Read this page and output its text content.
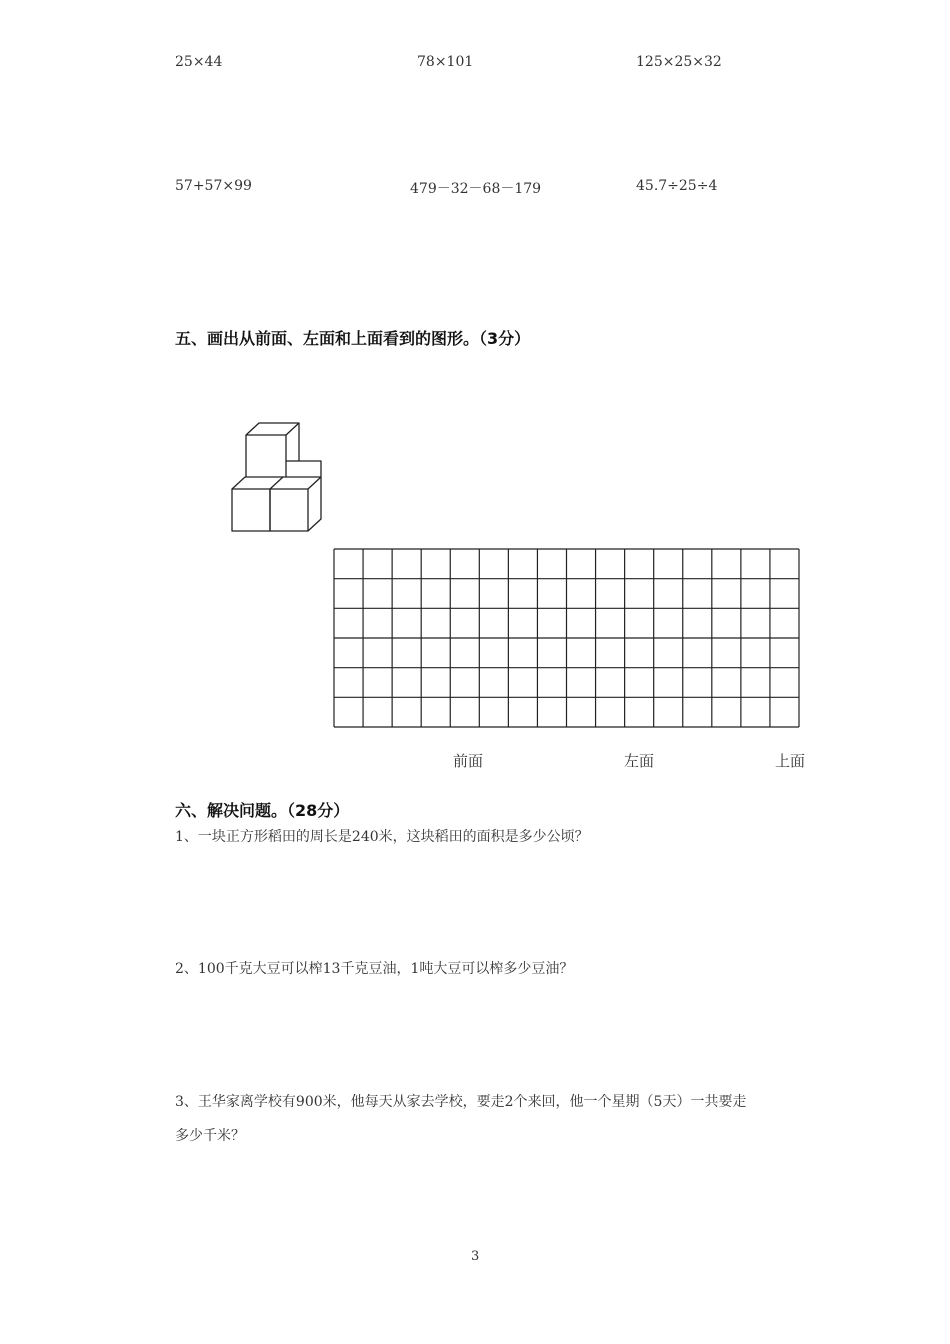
25×44	78×101	125×25×32
57+57×99	479－32－68－179	45.7÷25÷4
五、画出从前面、左面和上面看到的图形。（3分）
前面	左面	上面
六、解决问题。（28分）
1、一块正方形稻田的周长是240米，这块稻田的面积是多少公顷？
2、100千克大豆可以榨13千克豆油，1吨大豆可以榨多少豆油？
3、王华家离学校有900米，他每天从家去学校，要走2个来回，他一个星期（5天）一共要走
多少千米？
3
